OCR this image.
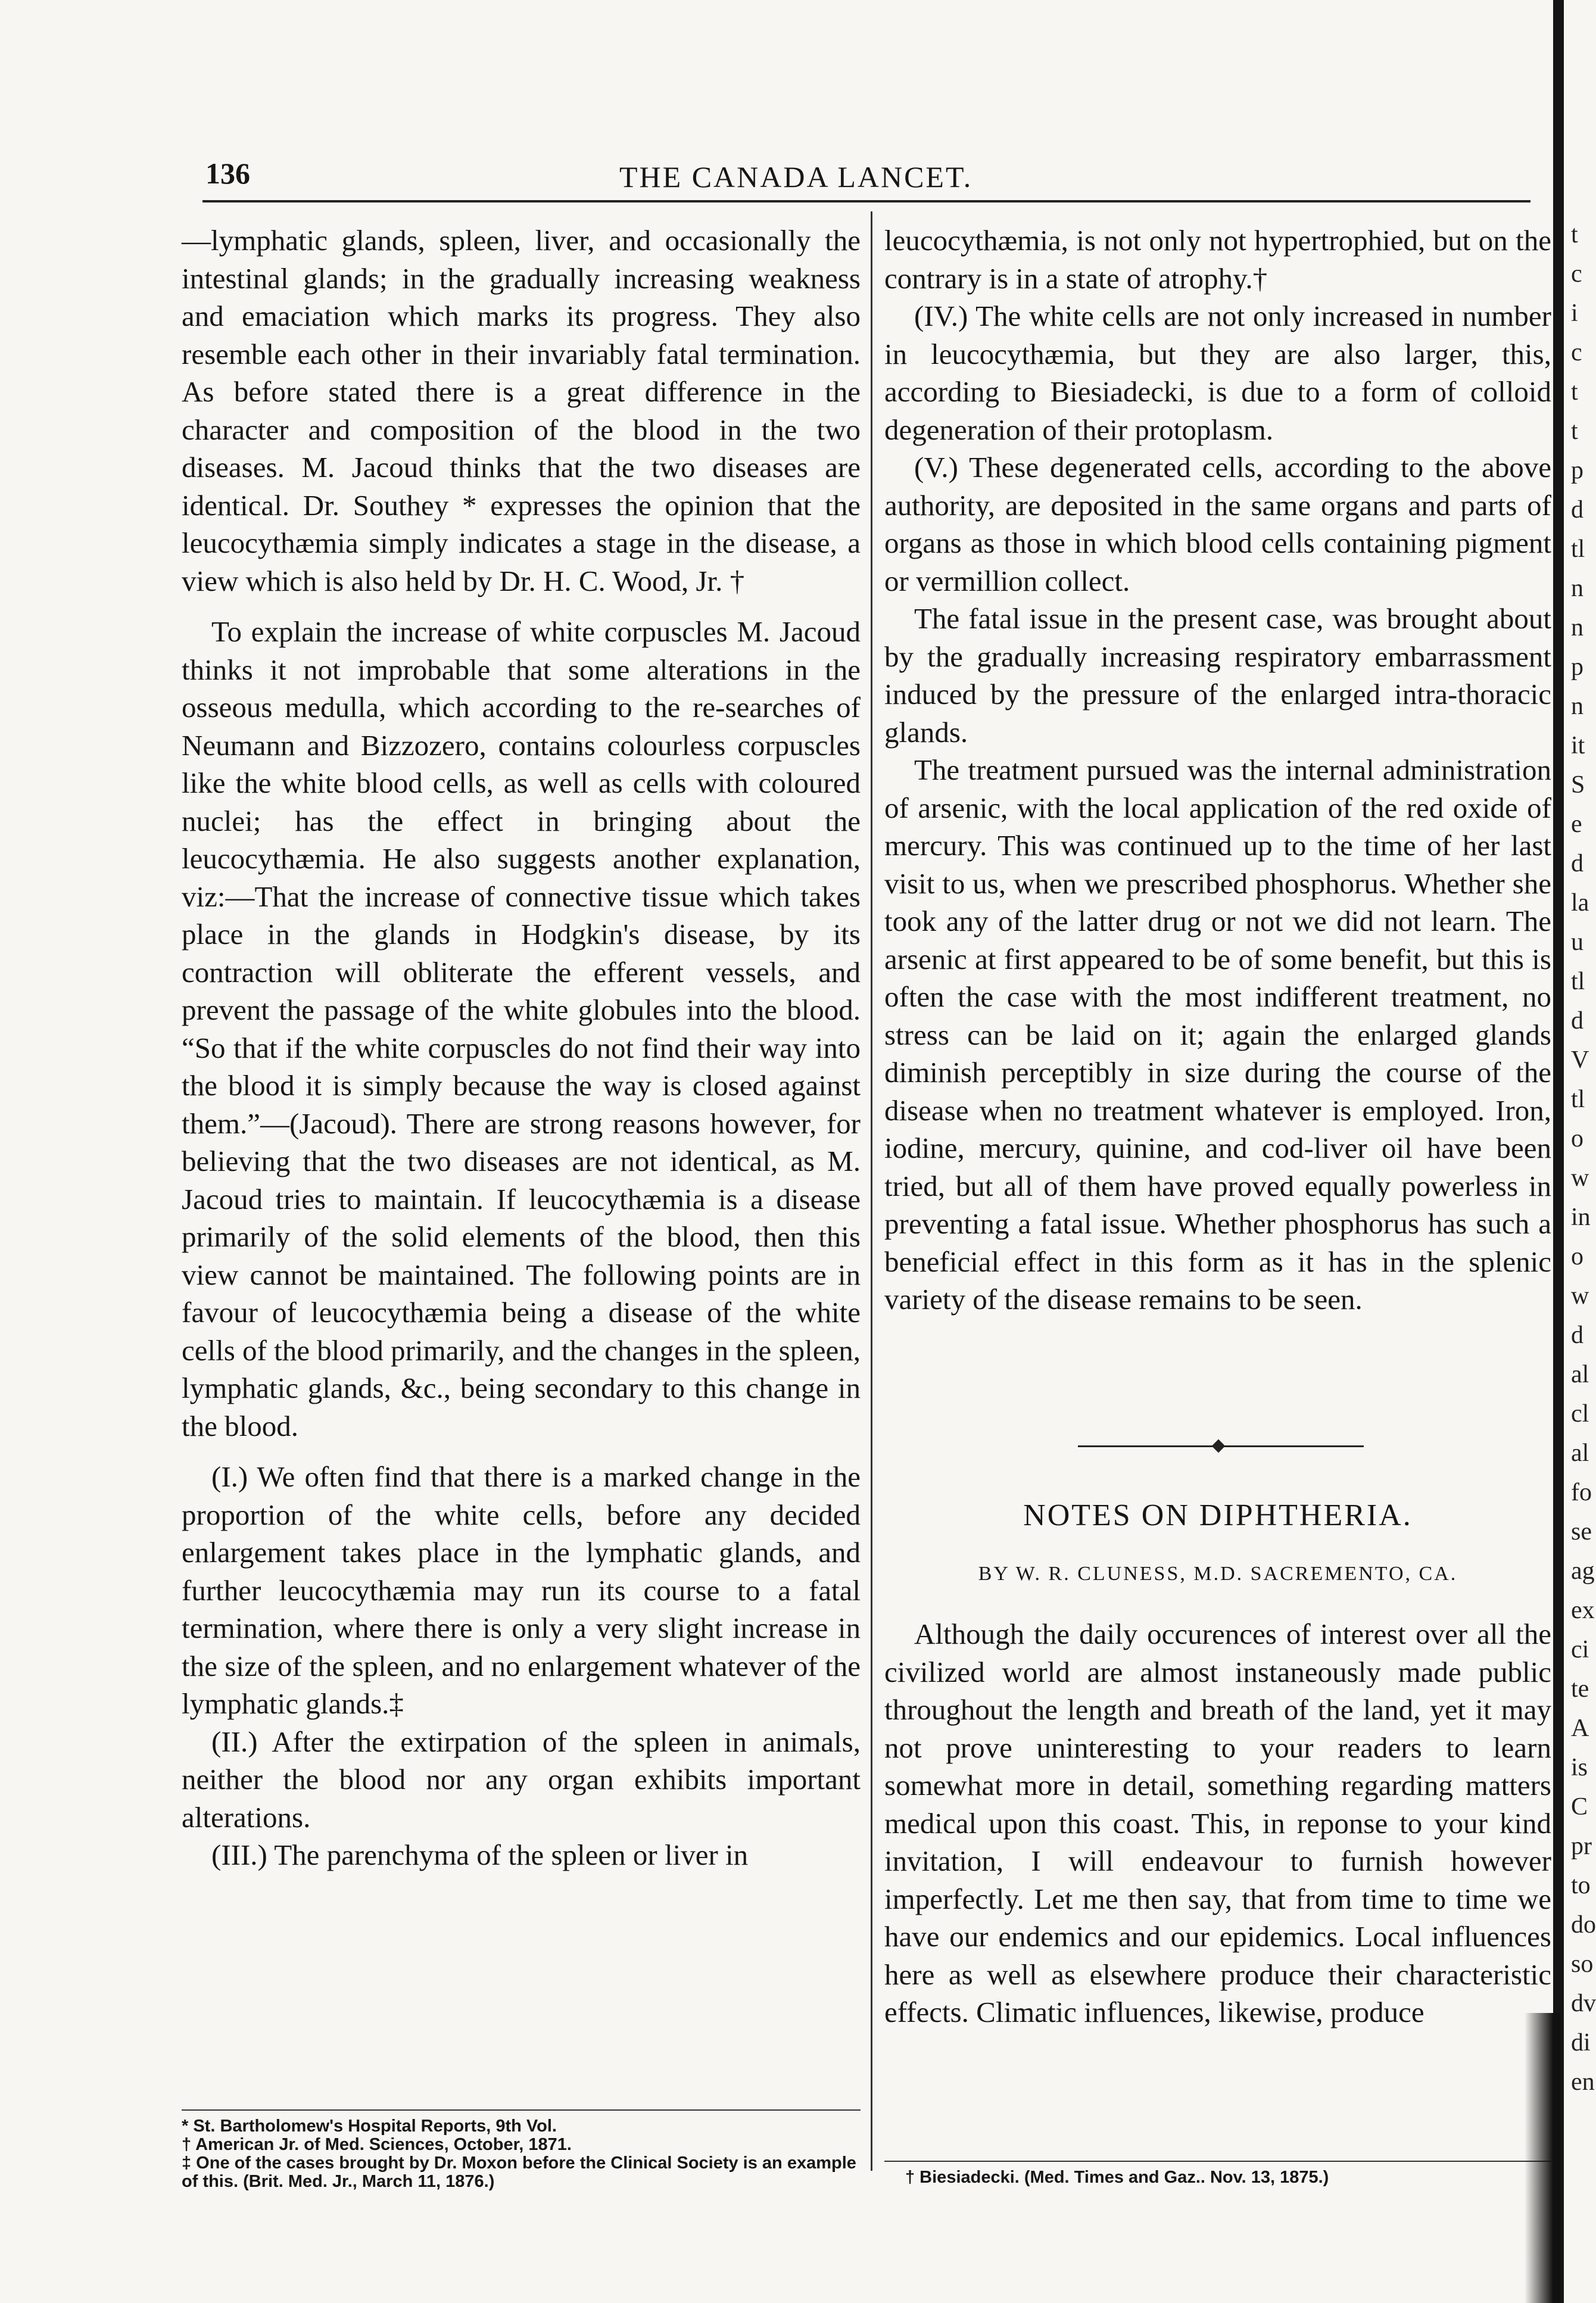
136	THE CANADA LANCET.

—lymphatic glands, spleen, liver, and occasionally the intestinal glands; in the gradually increasing weakness and emaciation which marks its progress. They also resemble each other in their invariably fatal termination. As before stated there is a great difference in the character and composition of the blood in the two diseases. M. Jacoud thinks that the two diseases are identical. Dr. Southey * expresses the opinion that the leucocythæmia simply indicates a stage in the disease, a view which is also held by Dr. H. C. Wood, Jr. †

To explain the increase of white corpuscles M. Jacoud thinks it not improbable that some alterations in the osseous medulla, which according to the re-searches of Neumann and Bizzozero, contains colourless corpuscles like the white blood cells, as well as cells with coloured nuclei; has the effect in bringing about the leucocythæmia. He also suggests another explanation, viz:—That the increase of connective tissue which takes place in the glands in Hodgkin's disease, by its contraction will obliterate the efferent vessels, and prevent the passage of the white globules into the blood. “So that if the white corpuscles do not find their way into the blood it is simply because the way is closed against them.”—(Jacoud). There are strong reasons however, for believing that the two diseases are not identical, as M. Jacoud tries to maintain. If leucocythæmia is a disease primarily of the solid elements of the blood, then this view cannot be maintained. The following points are in favour of leucocythæmia being a disease of the white cells of the blood primarily, and the changes in the spleen, lymphatic glands, &c., being secondary to this change in the blood.

(I.) We often find that there is a marked change in the proportion of the white cells, before any decided enlargement takes place in the lymphatic glands, and further leucocythæmia may run its course to a fatal termination, where there is only a very slight increase in the size of the spleen, and no enlargement whatever of the lymphatic glands.‡

(II.) After the extirpation of the spleen in animals, neither the blood nor any organ exhibits important alterations.

(III.) The parenchyma of the spleen or liver in

leucocythæmia, is not only not hypertrophied, but on the contrary is in a state of atrophy.†

(IV.) The white cells are not only increased in number in leucocythæmia, but they are also larger, this, according to Biesiadecki, is due to a form of colloid degeneration of their protoplasm.

(V.) These degenerated cells, according to the above authority, are deposited in the same organs and parts of organs as those in which blood cells containing pigment or vermillion collect.

The fatal issue in the present case, was brought about by the gradually increasing respiratory embarrassment induced by the pressure of the enlarged intra-thoracic glands.

The treatment pursued was the internal administration of arsenic, with the local application of the red oxide of mercury. This was continued up to the time of her last visit to us, when we prescribed phosphorus. Whether she took any of the latter drug or not we did not learn. The arsenic at first appeared to be of some benefit, but this is often the case with the most indifferent treatment, no stress can be laid on it; again the enlarged glands diminish perceptibly in size during the course of the disease when no treatment whatever is employed. Iron, iodine, mercury, quinine, and cod-liver oil have been tried, but all of them have proved equally powerless in preventing a fatal issue. Whether phosphorus has such a beneficial effect in this form as it has in the splenic variety of the disease remains to be seen.

NOTES ON DIPHTHERIA.
BY W. R. CLUNESS, M.D. SACREMENTO, CA.

Although the daily occurences of interest over all the civilized world are almost instaneously made public throughout the length and breath of the land, yet it may not prove uninteresting to your readers to learn somewhat more in detail, something regarding matters medical upon this coast. This, in reponse to your kind invitation, I will endeavour to furnish however imperfectly. Let me then say, that from time to time we have our endemics and our epidemics. Local influences here as well as elsewhere produce their characteristic effects. Climatic influences, likewise, produce

* St. Bartholomew's Hospital Reports, 9th Vol.

† American Jr. of Med. Sciences, October, 1871.

‡ One of the cases brought by Dr. Moxon before the Clinical Society is an example of this. (Brit. Med. Jr., March 11, 1876.)	† Biesiadecki. (Med. Times and Gaz.. Nov. 13, 1875.)
t
c
i
c
t
t
p
d
tl
n
n
p
n
it
S
e
d
la
u
tl
d
V
tl
o
w
in
o
w
d
al
cl
al
fo
se
ag
ex
ci
te
A
is
C
pr
to
do
so
dv
di
en
